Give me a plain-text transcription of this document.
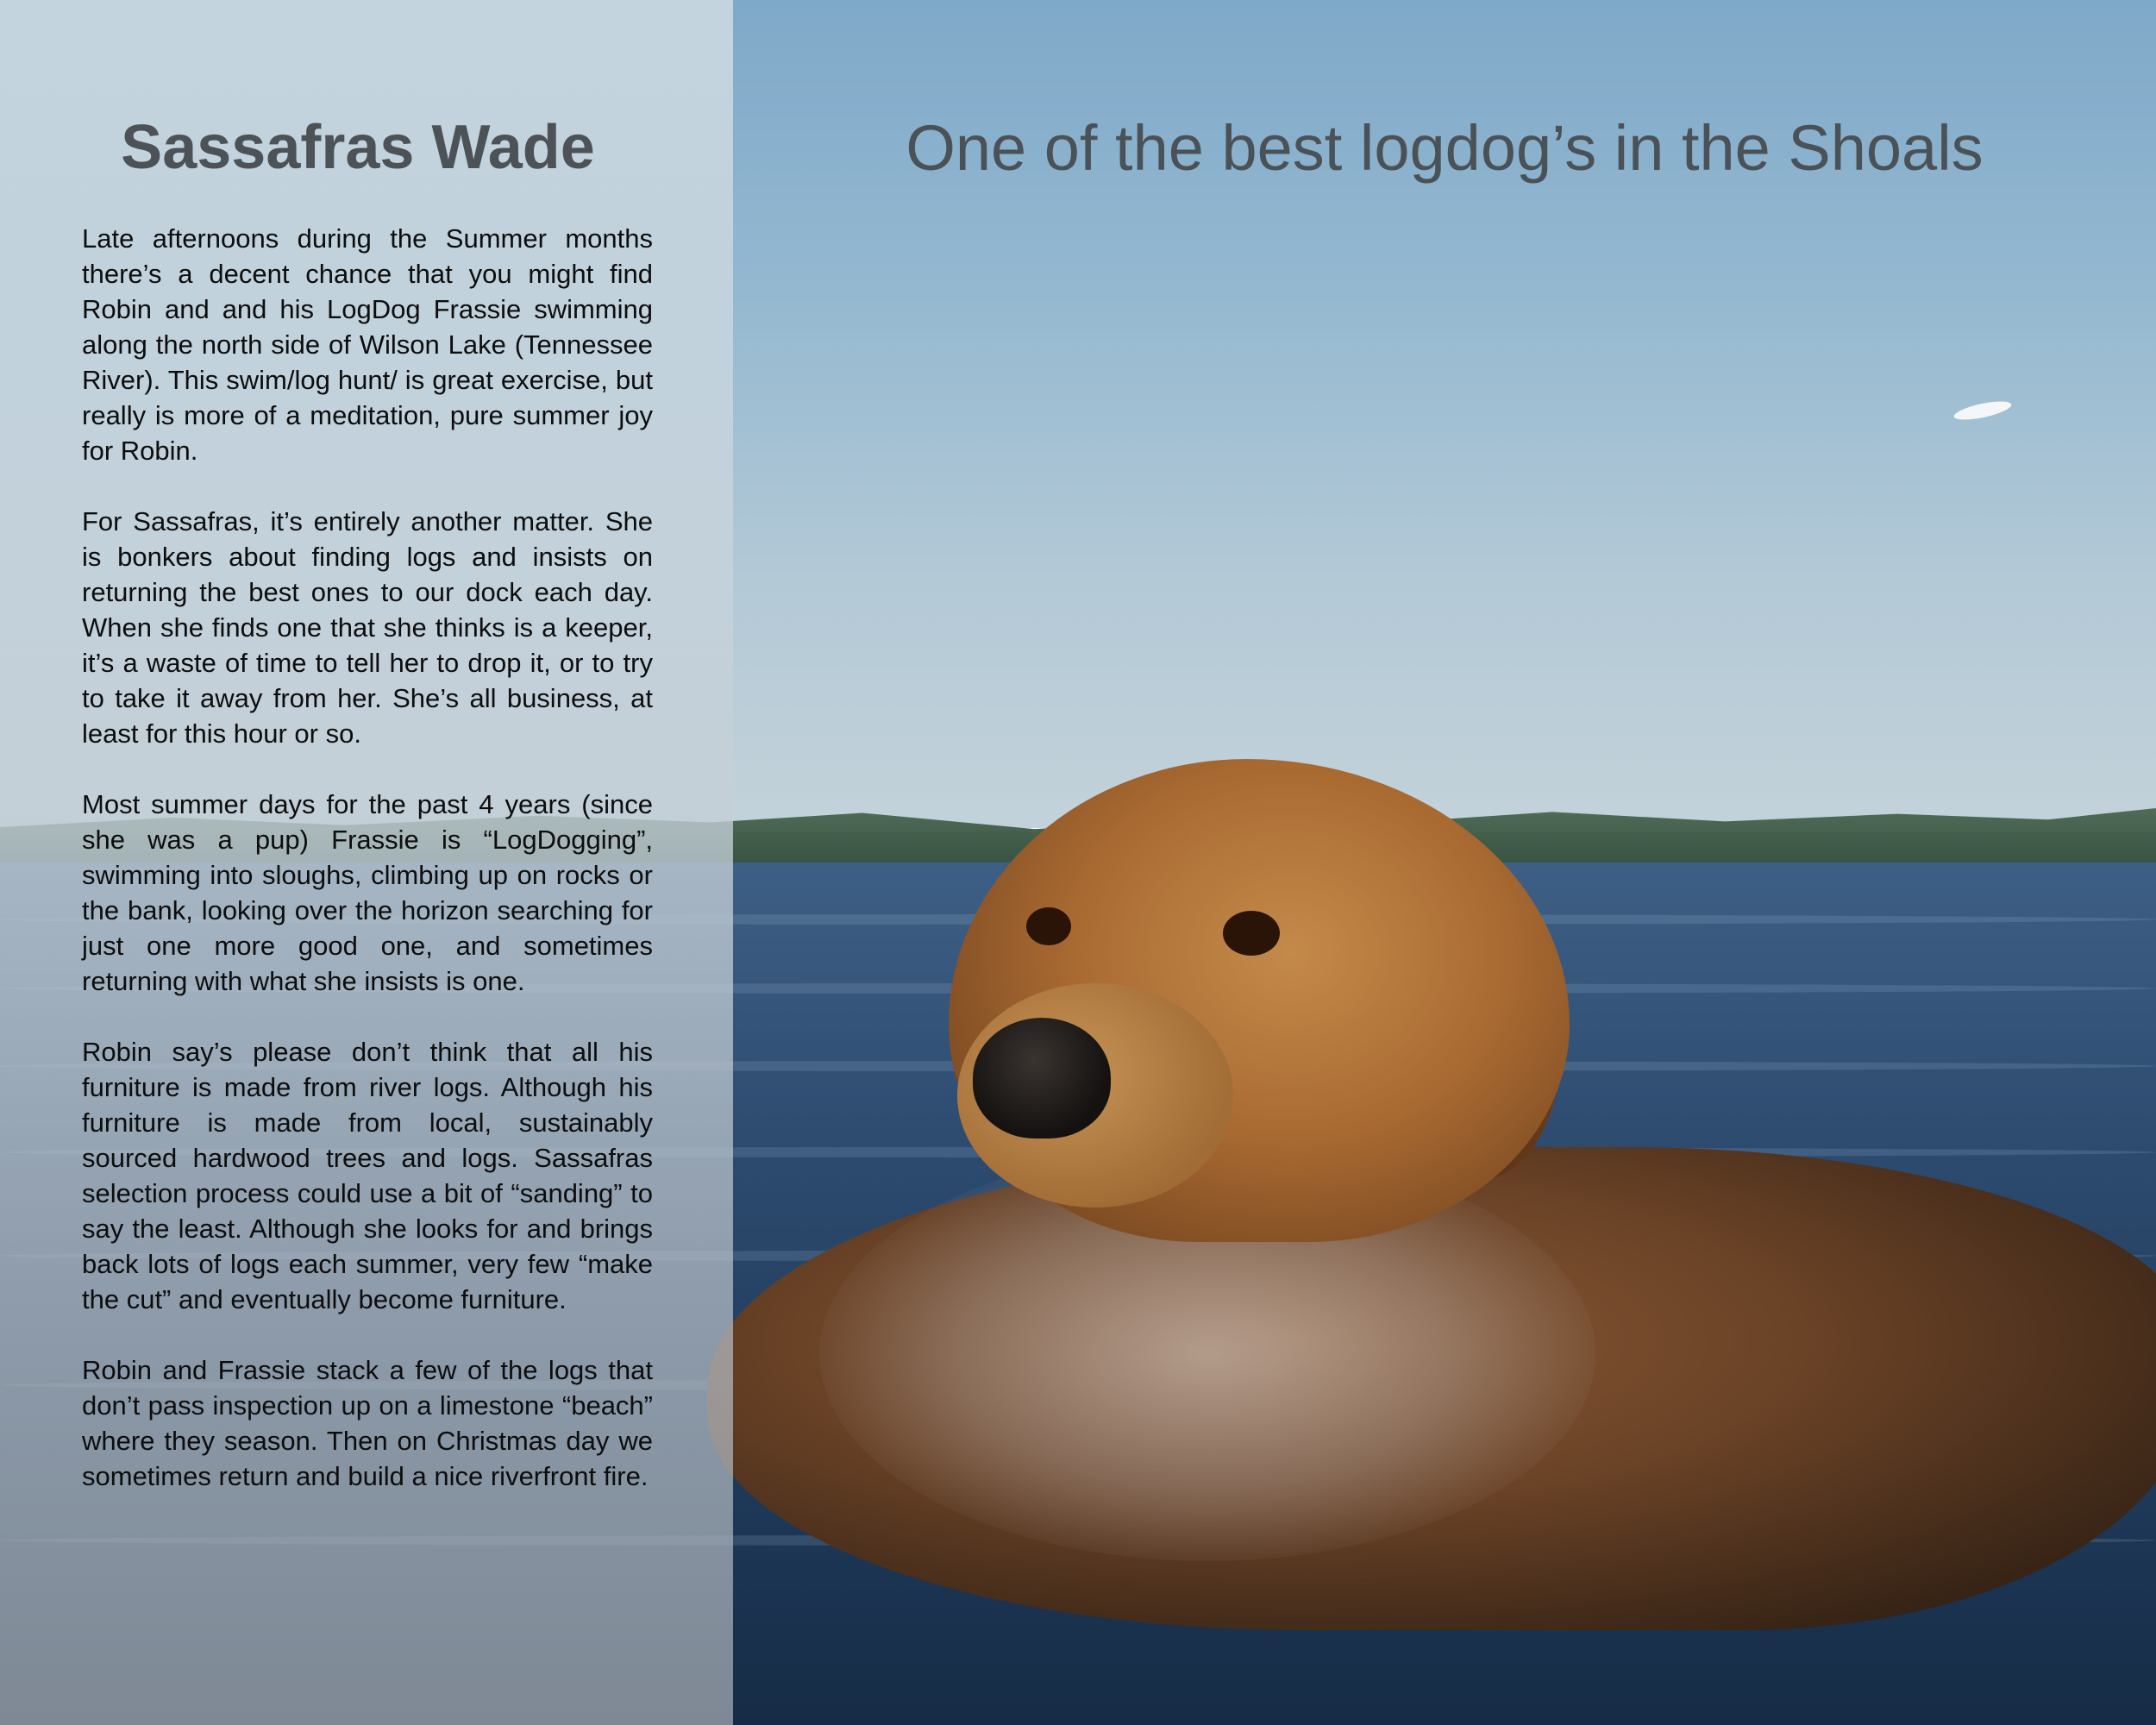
Sassafras Wade	One of the best logdog’s in the Shoals

Late afternoons during the Summer months there’s a decent chance that you might find Robin and and his LogDog Frassie swimming along the north side of Wilson Lake (Tennessee River). This swim/log hunt/ is great exercise, but really is more of a meditation, pure summer joy for Robin.

For Sassafras, it’s entirely another matter. She is bonkers about finding logs and insists on returning the best ones to our dock each day. When she finds one that she thinks is a keeper, it’s a waste of time to tell her to drop it, or to try to take it away from her. She’s all business, at least for this hour or so.

Most summer days for the past 4 years (since she was a pup) Frassie is “LogDogging”, swimming into sloughs, climbing up on rocks or the bank, looking over the horizon searching for just one more good one, and sometimes returning with what she insists is one.

Robin say’s please don’t think that all his furniture is made from river logs. Although his furniture is made from local, sustainably sourced hardwood trees and logs. Sassafras selection process could use a bit of “sanding” to say the least. Although she looks for and brings back lots of logs each summer, very few “make the cut” and eventually become furniture.

Robin and Frassie stack a few of the logs that don’t pass inspection up on a limestone “beach” where they season. Then on Christmas day we sometimes return and build a nice riverfront fire.
